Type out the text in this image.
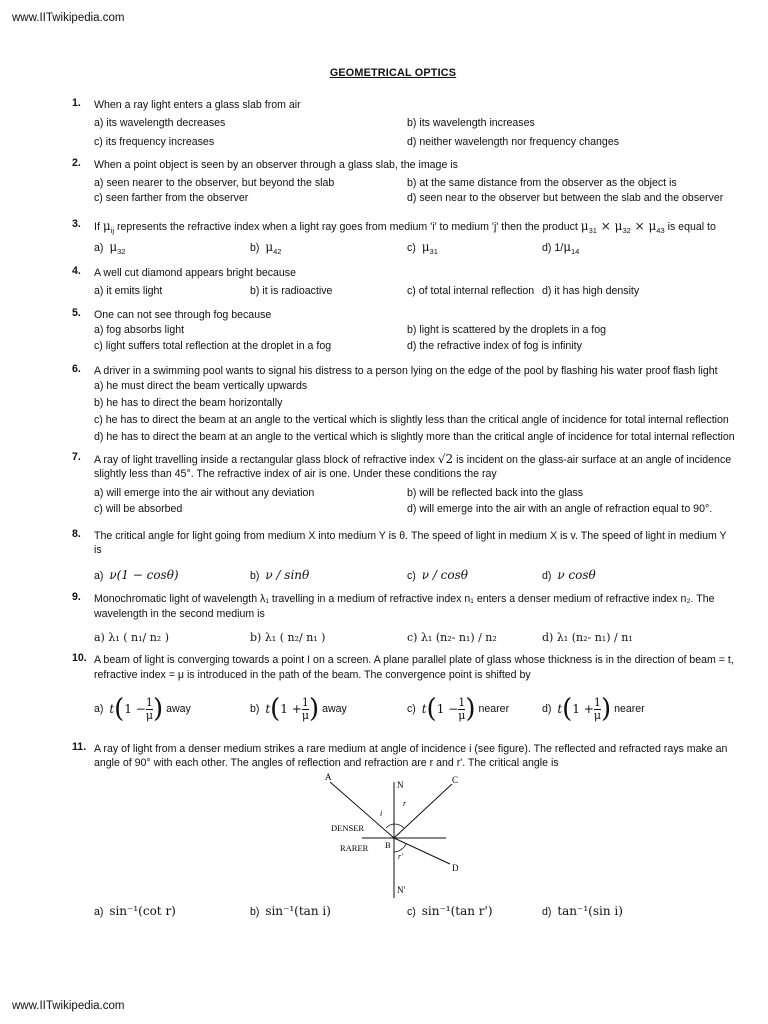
www.IITwikipedia.com
GEOMETRICAL OPTICS
1. When a ray light enters a glass slab from air
a) its wavelength decreases	b) its wavelength increases
c) its frequency increases	d) neither wavelength nor frequency changes
2. When a point object is seen by an observer through a glass slab, the image is
a) seen nearer to the observer, but beyond the slab	b) at the same distance from the observer as the object is
c) seen farther from the observer	d) seen near to the observer but between the slab and the observer
3. If $\mu_{ij}$ represents the refractive index when a light ray goes from medium 'i' to medium 'j' then the product $\mu_{31} \times \mu_{32} \times \mu_{43}$ is equal to
a) $\mu_{32}$	b) $\mu_{42}$	c) $\mu_{31}$	d) $1/\mu_{14}$
4. A well cut diamond appears bright because
a) it emits light	b) it is radioactive	c) of total internal reflection d) it has high density
5. One can not see through fog because
a) fog absorbs light	b) light is scattered by the droplets in a fog
c) light suffers total reflection at the droplet in a fog	d) the refractive index of fog is infinity
6. A driver in a swimming pool wants to signal his distress to a person lying on the edge of the pool by flashing his water proof flash light
a) he must direct the beam vertically upwards
b) he has to direct the beam horizontally
c) he has to direct the beam at an angle to the vertical which is slightly less than the critical angle of incidence for total internal reflection
d) he has to direct the beam at an angle to the vertical which is slightly more than the critical angle of incidence for total internal reflection
7. A ray of light travelling inside a rectangular glass block of refractive index √2 is incident on the glass-air surface at an angle of incidence
slightly less than 45°. The refractive index of air is one. Under these conditions the ray
a) will emerge into the air without any deviation	b) will be reflected back into the glass
c) will be absorbed	d) will emerge into the air with an angle of refraction equal to 90°.
8. The critical angle for light going from medium X into medium Y is θ. The speed of light in medium X is v. The speed of light in medium Y
is
a) ν(1 − cosθ)	b) ν / sinθ	c) ν / cosθ	d) ν cosθ
9. Monochromatic light of wavelength λ₁ travelling in a medium of refractive index n₁ enters a denser medium of refractive index n₂. The
wavelength in the second medium is
a) λ₁ ( n₁/ n₂ )	b) λ₁ ( n₂/ n₁ )	c) λ₁ (n₂- n₁) / n₂	d) λ₁ (n₂- n₁) / n₁
10. A beam of light is converging towards a point I on a screen. A plane parallel plate of glass whose thickness is in the direction of beam = t,
refractive index = μ is introduced in the path of the beam. The convergence point is shifted by
a) $t(1 - \frac{1}{\mu}$ ) away	b) $t(1 + \frac{1}{\mu}$ ) away	c) $t(1 - \frac{1}{\mu}$ ) nearer	d) $t(1 + \frac{1}{\mu}$ ) nearer
11. A ray of light from a denser medium strikes a rare medium at angle of incidence i (see figure). The reflected and refracted rays make an
angle of 90° with each other. The angles of reflection and refraction are r and r'. The critical angle is
A
N	C
i
r
DENSER
RARER B
r'
D
N'
a) sin⁻¹(cot r)	b) sin⁻¹(tan i)	c) sin⁻¹(tan r')	d) tan⁻¹(sin i)
www.IITwikipedia.com
